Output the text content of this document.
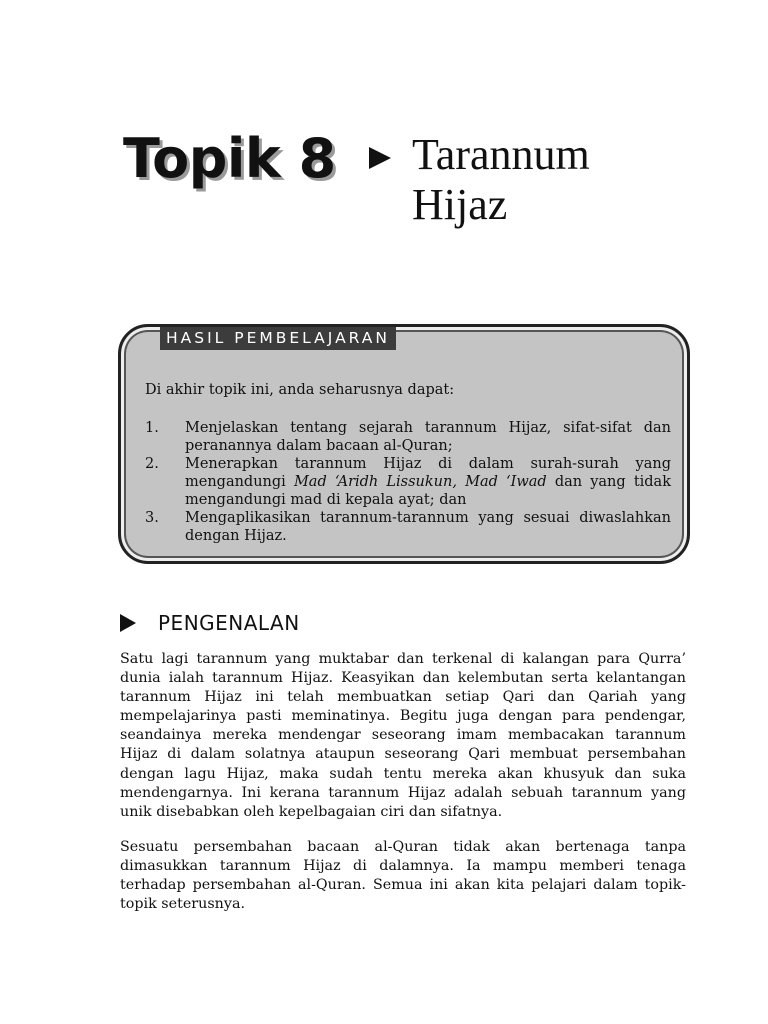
Topik 8 Tarannum
Hijaz
HASIL PEMBELAJARAN
Di akhir topik ini, anda seharusnya dapat:
1.	Menjelaskan tentang sejarah tarannum Hijaz, sifat-sifat dan peranannya dalam bacaan al-Quran;
2.	Menerapkan tarannum Hijaz di dalam surah-surah yang mengandungi Mad ‘Aridh Lissukun, Mad ‘Iwad dan yang tidak mengandungi mad di kepala ayat; dan
3.	Mengaplikasikan tarannum-tarannum yang sesuai diwaslahkan dengan Hijaz.
PENGENALAN

Satu lagi tarannum yang muktabar dan terkenal di kalangan para Qurra’ dunia ialah tarannum Hijaz. Keasyikan dan kelembutan serta kelantangan tarannum Hijaz ini telah membuatkan setiap Qari dan Qariah yang mempelajarinya pasti meminatinya. Begitu juga dengan para pendengar, seandainya mereka mendengar seseorang imam membacakan tarannum Hijaz di dalam solatnya ataupun seseorang Qari membuat persembahan dengan lagu Hijaz, maka sudah tentu mereka akan khusyuk dan suka mendengarnya. Ini kerana tarannum Hijaz adalah sebuah tarannum yang unik disebabkan oleh kepelbagaian ciri dan sifatnya.

Sesuatu persembahan bacaan al-Quran tidak akan bertenaga tanpa dimasukkan tarannum Hijaz di dalamnya. Ia mampu memberi tenaga terhadap persembahan al-Quran. Semua ini akan kita pelajari dalam topik-topik seterusnya.
